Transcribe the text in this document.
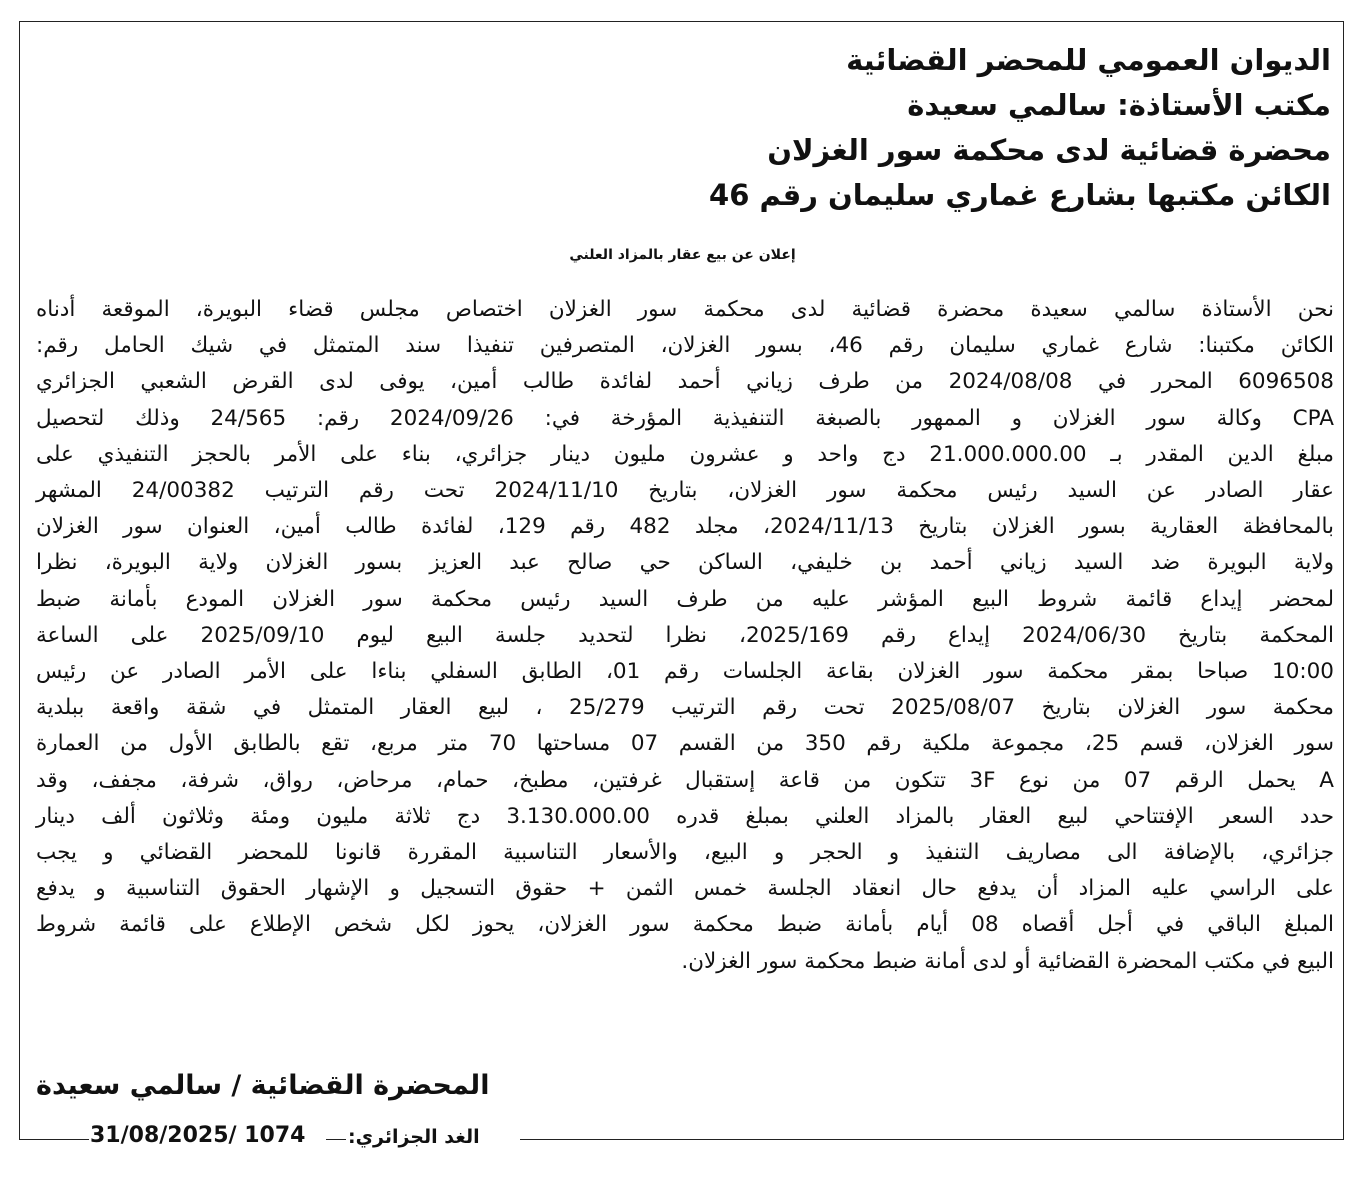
الديوان العمومي للمحضر القضائية
مكتب الأستاذة: سالمي سعيدة
محضرة قضائية لدى محكمة سور الغزلان
الكائن مكتبها بشارع غماري سليمان رقم 46
إعلان عن بيع عقار بالمزاد العلني
نحن الأستاذة سالمي سعيدة محضرة قضائية لدى محكمة سور الغزلان اختصاص مجلس قضاء البويرة، الموقعة أدناه
الكائن مكتبنا: شارع غماري سليمان رقم 46، بسور الغزلان، المتصرفين تنفيذا سند المتمثل في شيك الحامل رقم:
6096508 المحرر في 2024/08/08 من طرف زياني أحمد لفائدة طالب أمين، يوفى لدى القرض الشعبي الجزائري
CPA وكالة سور الغزلان و الممهور بالصبغة التنفيذية المؤرخة في: 2024/09/26 رقم: 24/565 وذلك لتحصيل
مبلغ الدين المقدر بـ 21.000.000.00 دج واحد و عشرون مليون دينار جزائري، بناء على الأمر بالحجز التنفيذي على
عقار الصادر عن السيد رئيس محكمة سور الغزلان، بتاريخ 2024/11/10 تحت رقم الترتيب 24/00382 المشهر
بالمحافظة العقارية بسور الغزلان بتاريخ 2024/11/13، مجلد 482 رقم 129، لفائدة طالب أمين، العنوان سور الغزلان
ولاية البويرة ضد السيد زياني أحمد بن خليفي، الساكن حي صالح عبد العزيز بسور الغزلان ولاية البويرة، نظرا
لمحضر إيداع قائمة شروط البيع المؤشر عليه من طرف السيد رئيس محكمة سور الغزلان المودع بأمانة ضبط
المحكمة بتاريخ 2024/06/30 إيداع رقم 2025/169، نظرا لتحديد جلسة البيع ليوم 2025/09/10 على الساعة
10:00 صباحا بمقر محكمة سور الغزلان بقاعة الجلسات رقم 01، الطابق السفلي بناءا على الأمر الصادر عن رئيس
محكمة سور الغزلان بتاريخ 2025/08/07 تحت رقم الترتيب 25/279 ، لبيع العقار المتمثل في شقة واقعة ببلدية
سور الغزلان، قسم 25، مجموعة ملكية رقم 350 من القسم 07 مساحتها 70 متر مربع، تقع بالطابق الأول من العمارة
A يحمل الرقم 07 من نوع 3F تتكون من قاعة إستقبال غرفتين، مطبخ، حمام، مرحاض، رواق، شرفة، مجفف، وقد
حدد السعر الإفتتاحي لبيع العقار بالمزاد العلني بمبلغ قدره 3.130.000.00 دج ثلاثة مليون ومئة وثلاثون ألف دينار
جزائري، بالإضافة الى مصاريف التنفيذ و الحجر و البيع، والأسعار التناسبية المقررة قانونا للمحضر القضائي و يجب
على الراسي عليه المزاد أن يدفع حال انعقاد الجلسة خمس الثمن + حقوق التسجيل و الإشهار الحقوق التناسبية و يدفع
المبلغ الباقي في أجل أقصاه 08 أيام بأمانة ضبط محكمة سور الغزلان، يحوز لكل شخص الإطلاع على قائمة شروط
البيع في مكتب المحضرة القضائية أو لدى أمانة ضبط محكمة سور الغزلان.
المحضرة القضائية / سالمي سعيدة
31/08/2025/ 1074 الغد الجزائري:
